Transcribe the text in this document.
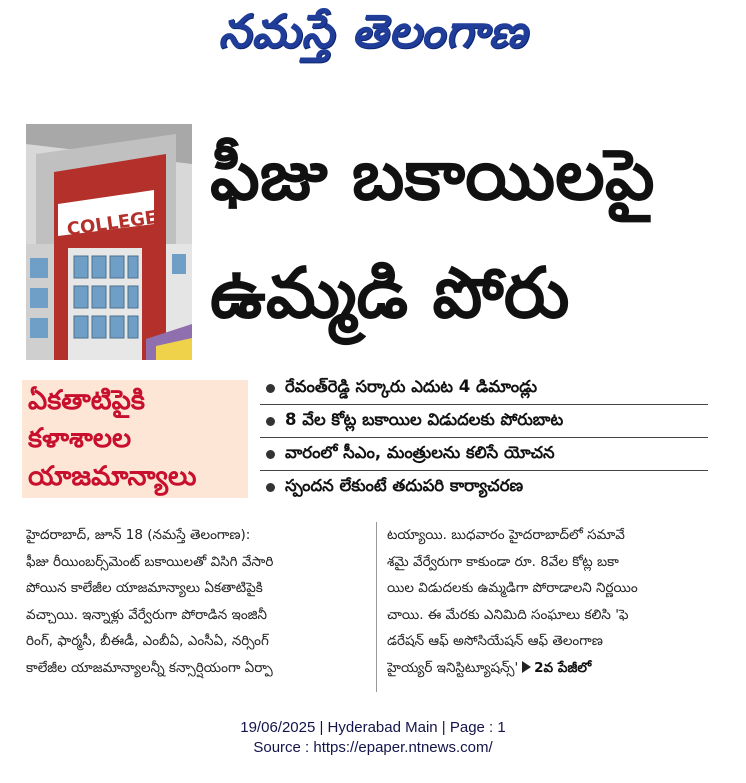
నమస్తే తెలంగాణ
COLLEGE
ఫీజు బకాయిలపై
ఉమ్మడి పోరు
ఏకతాటిపైకి
కళాశాలల
యాజమాన్యాలు
రేవంత్‌రెడ్డి సర్కారు ఎదుట 4 డిమాండ్లు
8 వేల కోట్ల బకాయిల విడుదలకు పోరుబాట
వారంలో సీఎం, మంత్రులను కలిసే యోచన
స్పందన లేకుంటే తదుపరి కార్యాచరణ
హైదరాబాద్, జూన్ 18 (నమస్తే తెలంగాణ):
ఫీజు రీయింబర్స్‌మెంట్ బకాయిలతో విసిగి వేసారి
పోయిన కాలేజీల యాజమాన్యాలు ఏకతాటిపైకి
వచ్చాయి. ఇన్నాళ్లు వేర్వేరుగా పోరాడిన ఇంజినీ
రింగ్, ఫార్మసీ, బీఈడీ, ఎంబీఏ, ఎంసీఏ, నర్సింగ్
కాలేజీల యాజమాన్యాలన్నీ కన్సార్షియంగా ఏర్పా
టయ్యాయి. బుధవారం హైదరాబాద్‌లో సమావే
శమై వేర్వేరుగా కాకుండా రూ. 8వేల కోట్ల బకా
యిల విడుదలకు ఉమ్మడిగా పోరాడాలని నిర్ణయిం
చాయి. ఈ మేరకు ఎనిమిది సంఘాలు కలిసి 'ఫె
డరేషన్ ఆఫ్ అసోసియేషన్ ఆఫ్ తెలంగాణ
హైయ్యర్ ఇనిస్టిట్యూషన్స్' 2వ పేజీలో
19/06/2025 | Hyderabad Main | Page : 1
Source : https://epaper.ntnews.com/
